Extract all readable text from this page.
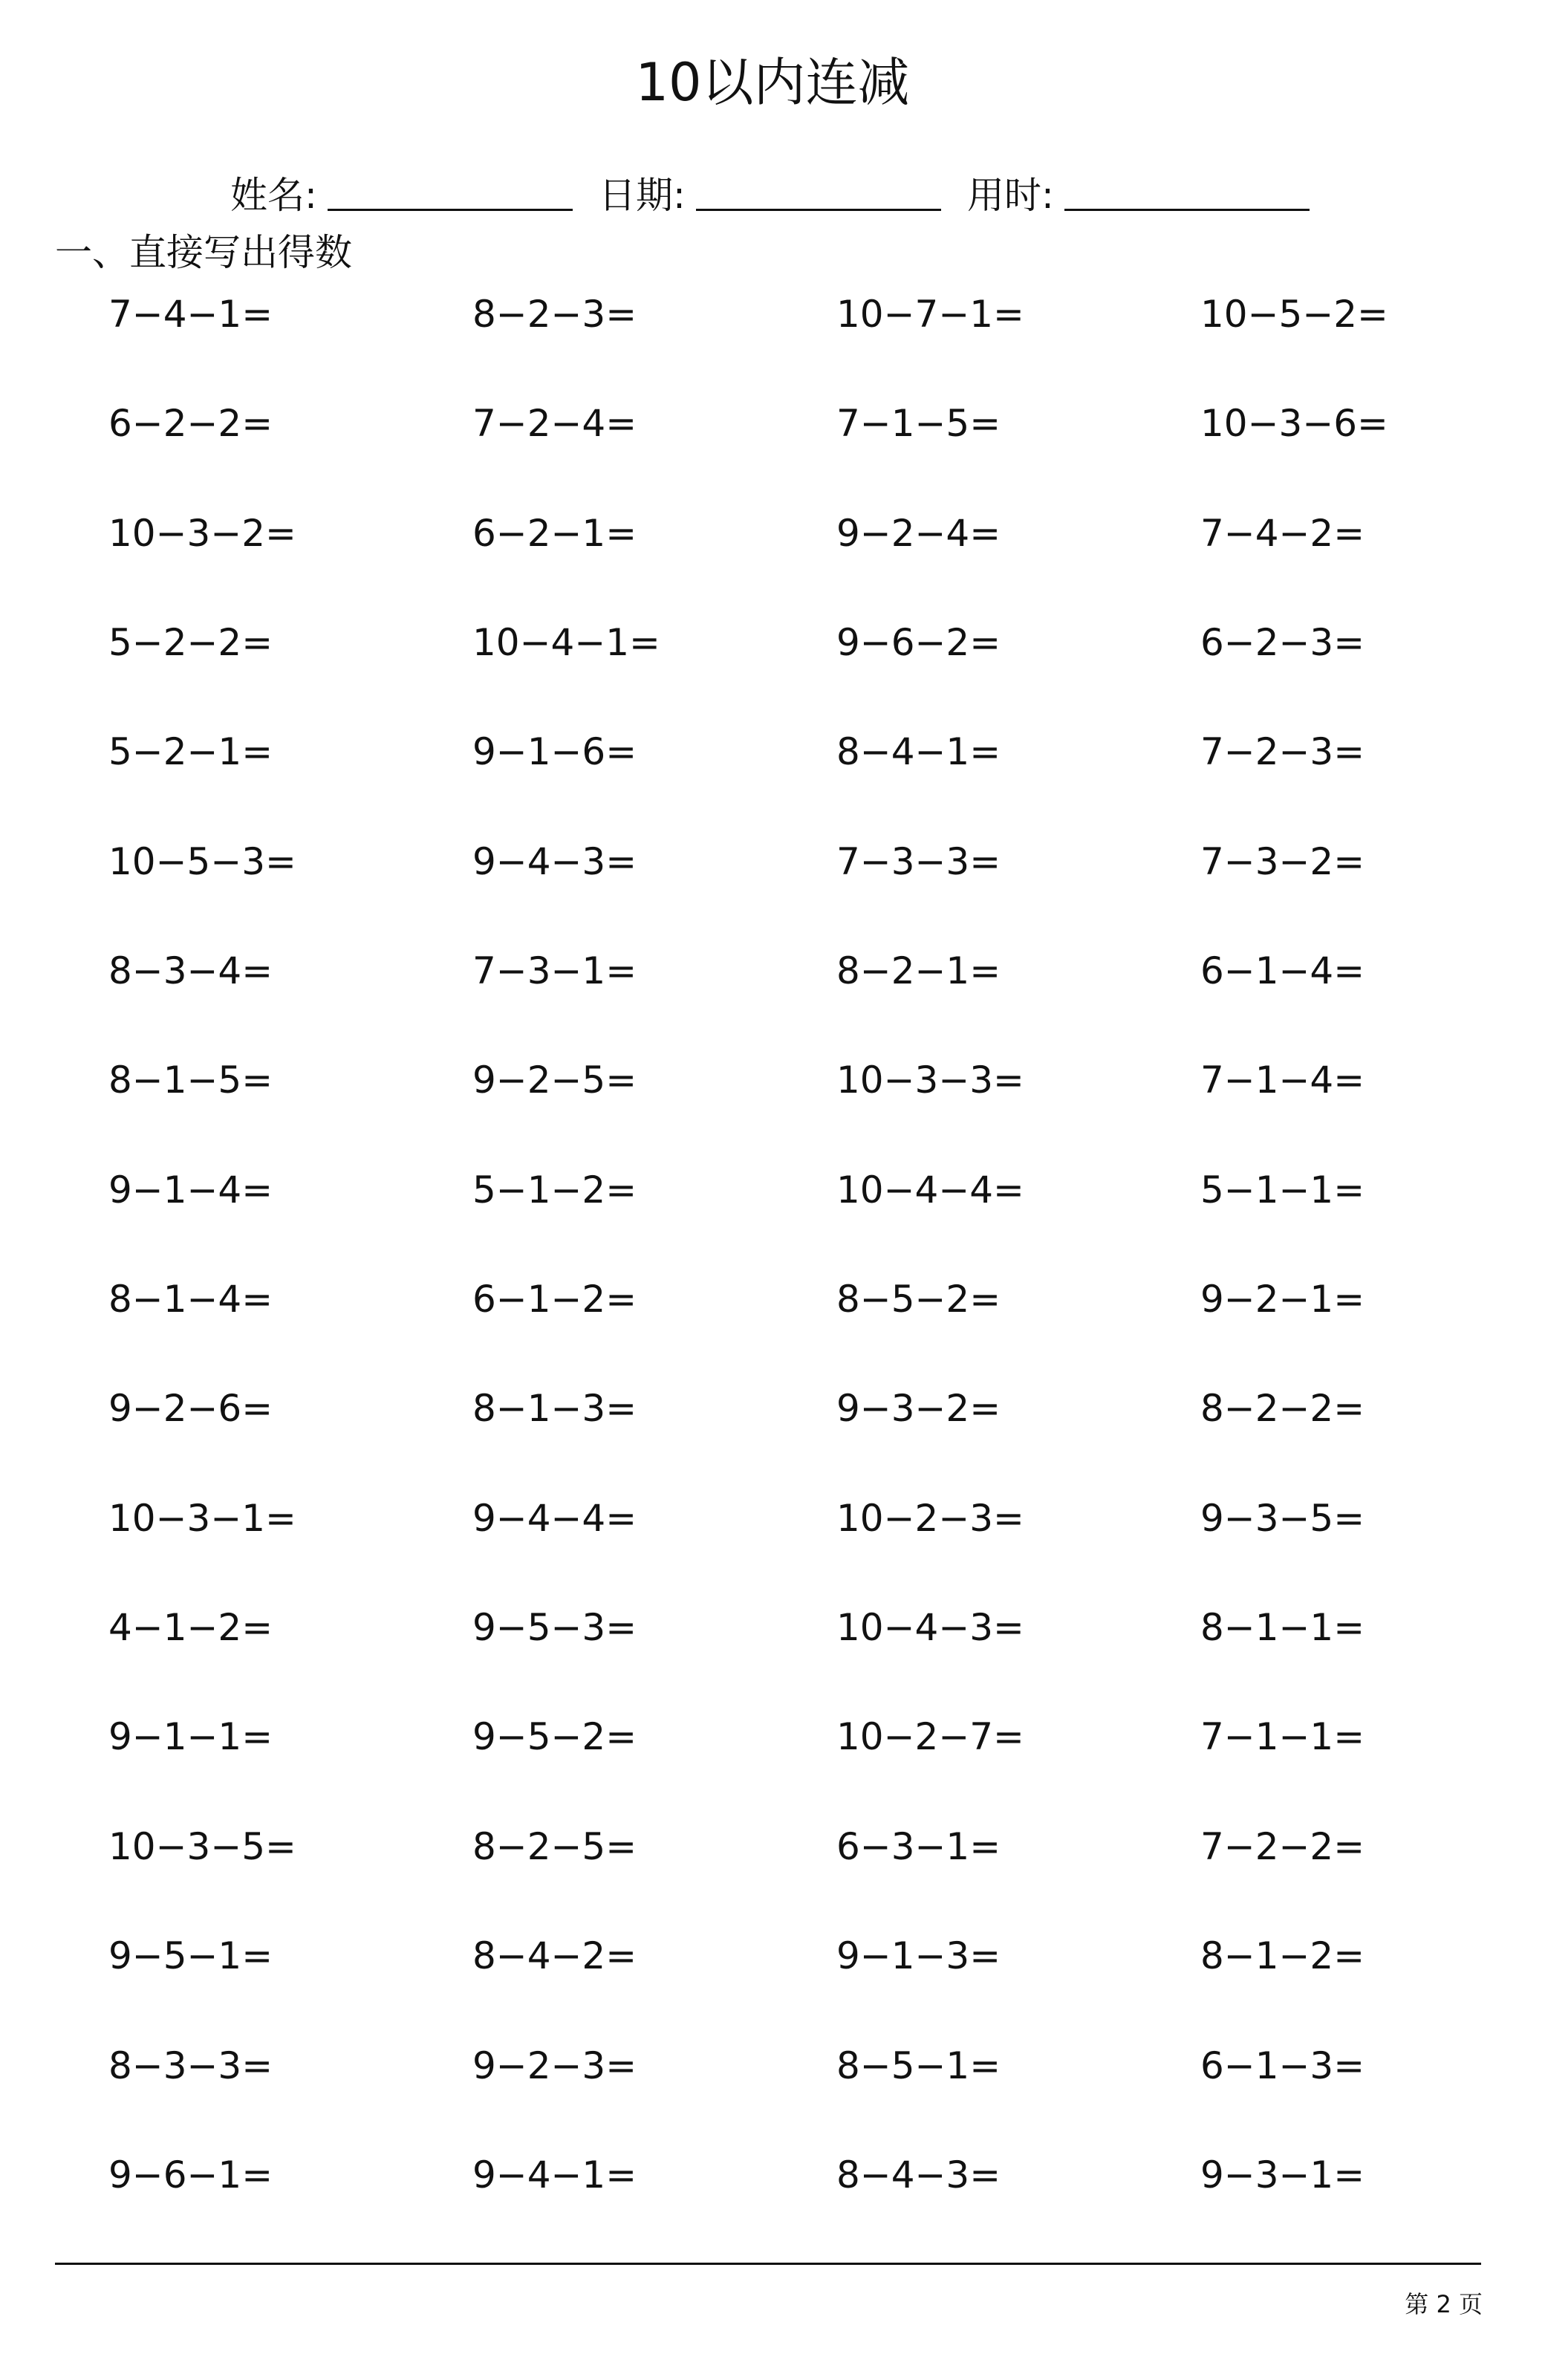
10以内连减
姓名:	日期:	用时:
一、直接写出得数
7−4−1=	8−2−3=	10−7−1=	10−5−2=
6−2−2=	7−2−4=	7−1−5=	10−3−6=
10−3−2=	6−2−1=	9−2−4=	7−4−2=
5−2−2=	10−4−1=	9−6−2=	6−2−3=
5−2−1=	9−1−6=	8−4−1=	7−2−3=
10−5−3=	9−4−3=	7−3−3=	7−3−2=
8−3−4=	7−3−1=	8−2−1=	6−1−4=
8−1−5=	9−2−5=	10−3−3=	7−1−4=
9−1−4=	5−1−2=	10−4−4=	5−1−1=
8−1−4=	6−1−2=	8−5−2=	9−2−1=
9−2−6=	8−1−3=	9−3−2=	8−2−2=
10−3−1=	9−4−4=	10−2−3=	9−3−5=
4−1−2=	9−5−3=	10−4−3=	8−1−1=
9−1−1=	9−5−2=	10−2−7=	7−1−1=
10−3−5=	8−2−5=	6−3−1=	7−2−2=
9−5−1=	8−4−2=	9−1−3=	8−1−2=
8−3−3=	9−2−3=	8−5−1=	6−1−3=
9−6−1=	9−4−1=	8−4−3=	9−3−1=
第 2 页
